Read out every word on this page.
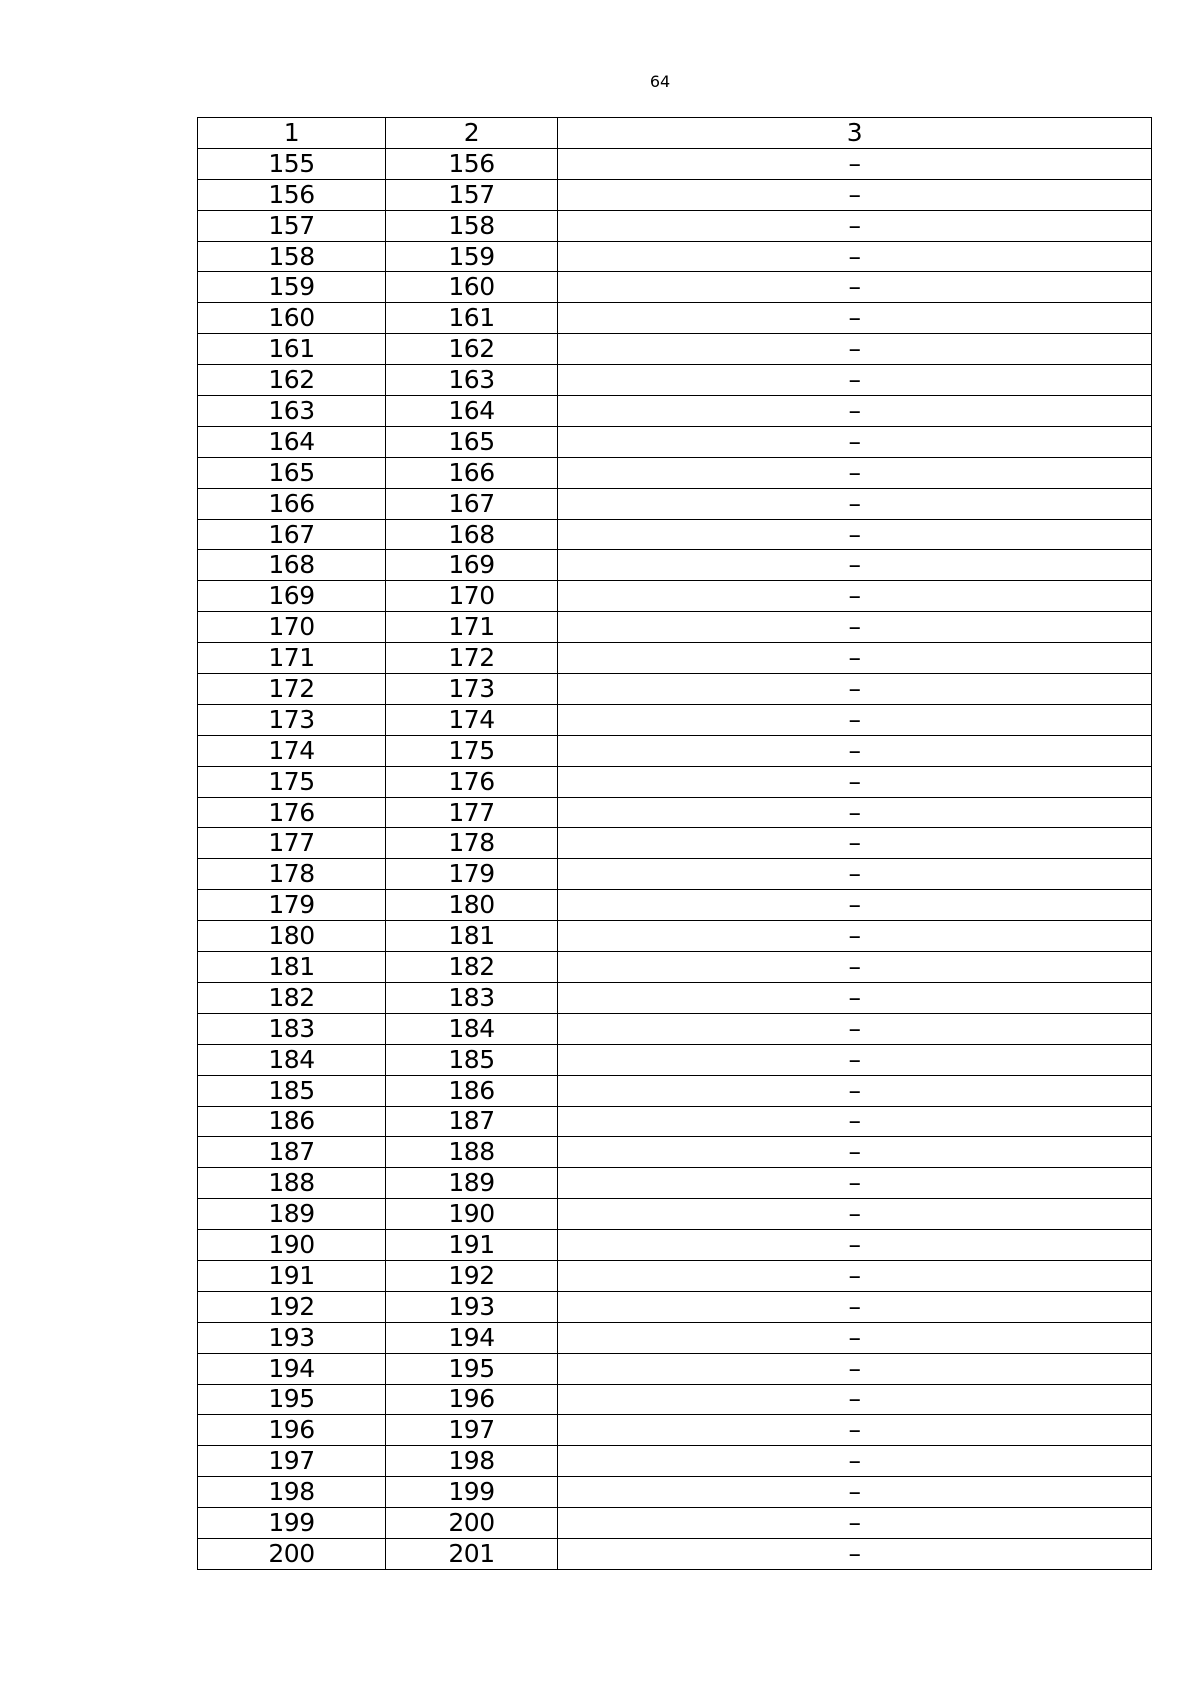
64
1	2	3
155	156	–
156	157	–
157	158	–
158	159	–
159	160	–
160	161	–
161	162	–
162	163	–
163	164	–
164	165	–
165	166	–
166	167	–
167	168	–
168	169	–
169	170	–
170	171	–
171	172	–
172	173	–
173	174	–
174	175	–
175	176	–
176	177	–
177	178	–
178	179	–
179	180	–
180	181	–
181	182	–
182	183	–
183	184	–
184	185	–
185	186	–
186	187	–
187	188	–
188	189	–
189	190	–
190	191	–
191	192	–
192	193	–
193	194	–
194	195	–
195	196	–
196	197	–
197	198	–
198	199	–
199	200	–
200	201	–
